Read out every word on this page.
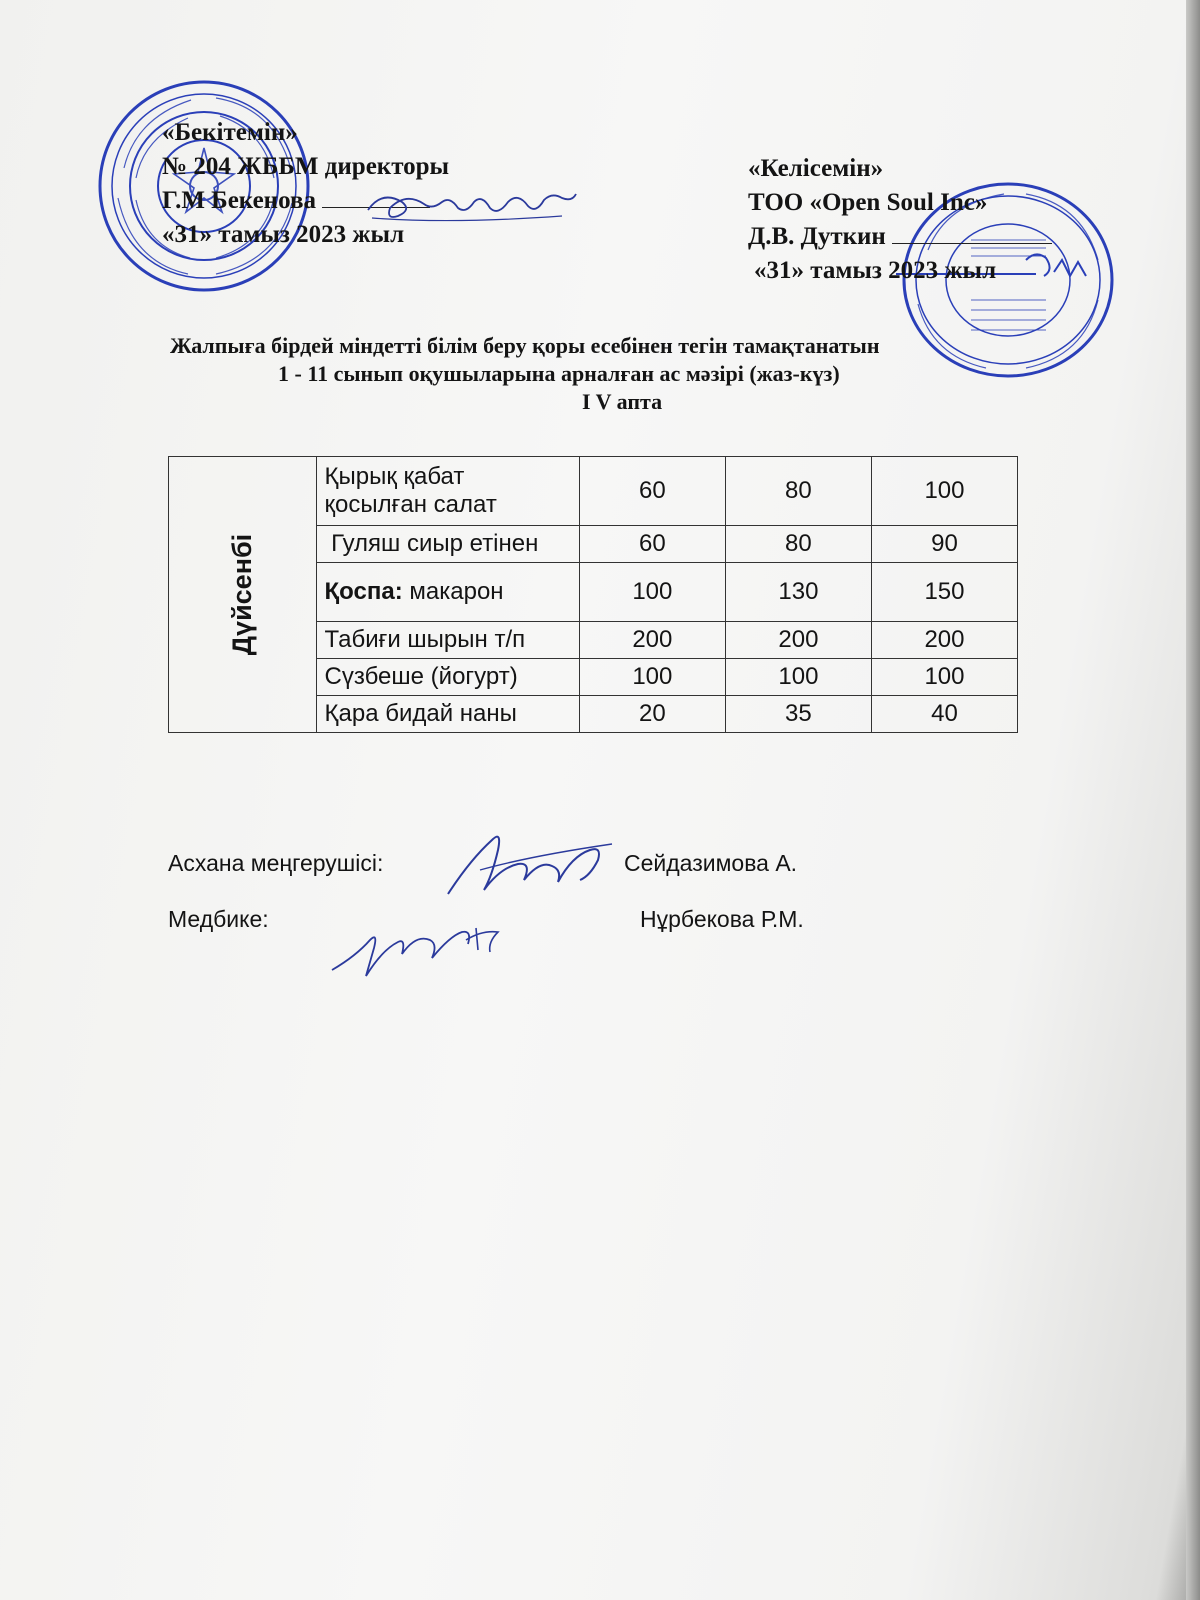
«Бекітемін»
№ 204 ЖББМ директоры
Г.М Бекенова
«31» тамыз 2023 жыл
«Келісемін»
ТОО «Open Soul Inc»
Д.В. Дуткин
«31» тамыз 2023 жыл
Жалпыға бірдей міндетті білім беру қоры есебінен тегін тамақтанатын
1 - 11 сынып оқушыларына арналған ас мәзірі (жаз-күз)
I V апта
Дүйсенбі	Қырық қабат қосылған салат	60	80	100
	Гуляш сиыр етінен	60	80	90
	Қоспа: макарон	100	130	150
	Табиғи шырын т/п	200	200	200
	Сүзбеше (йогурт)	100	100	100
	Қара бидай наны	20	35	40
Асхана меңгерушісі:	Сейдазимова А.
Медбике:	Нұрбекова Р.М.
